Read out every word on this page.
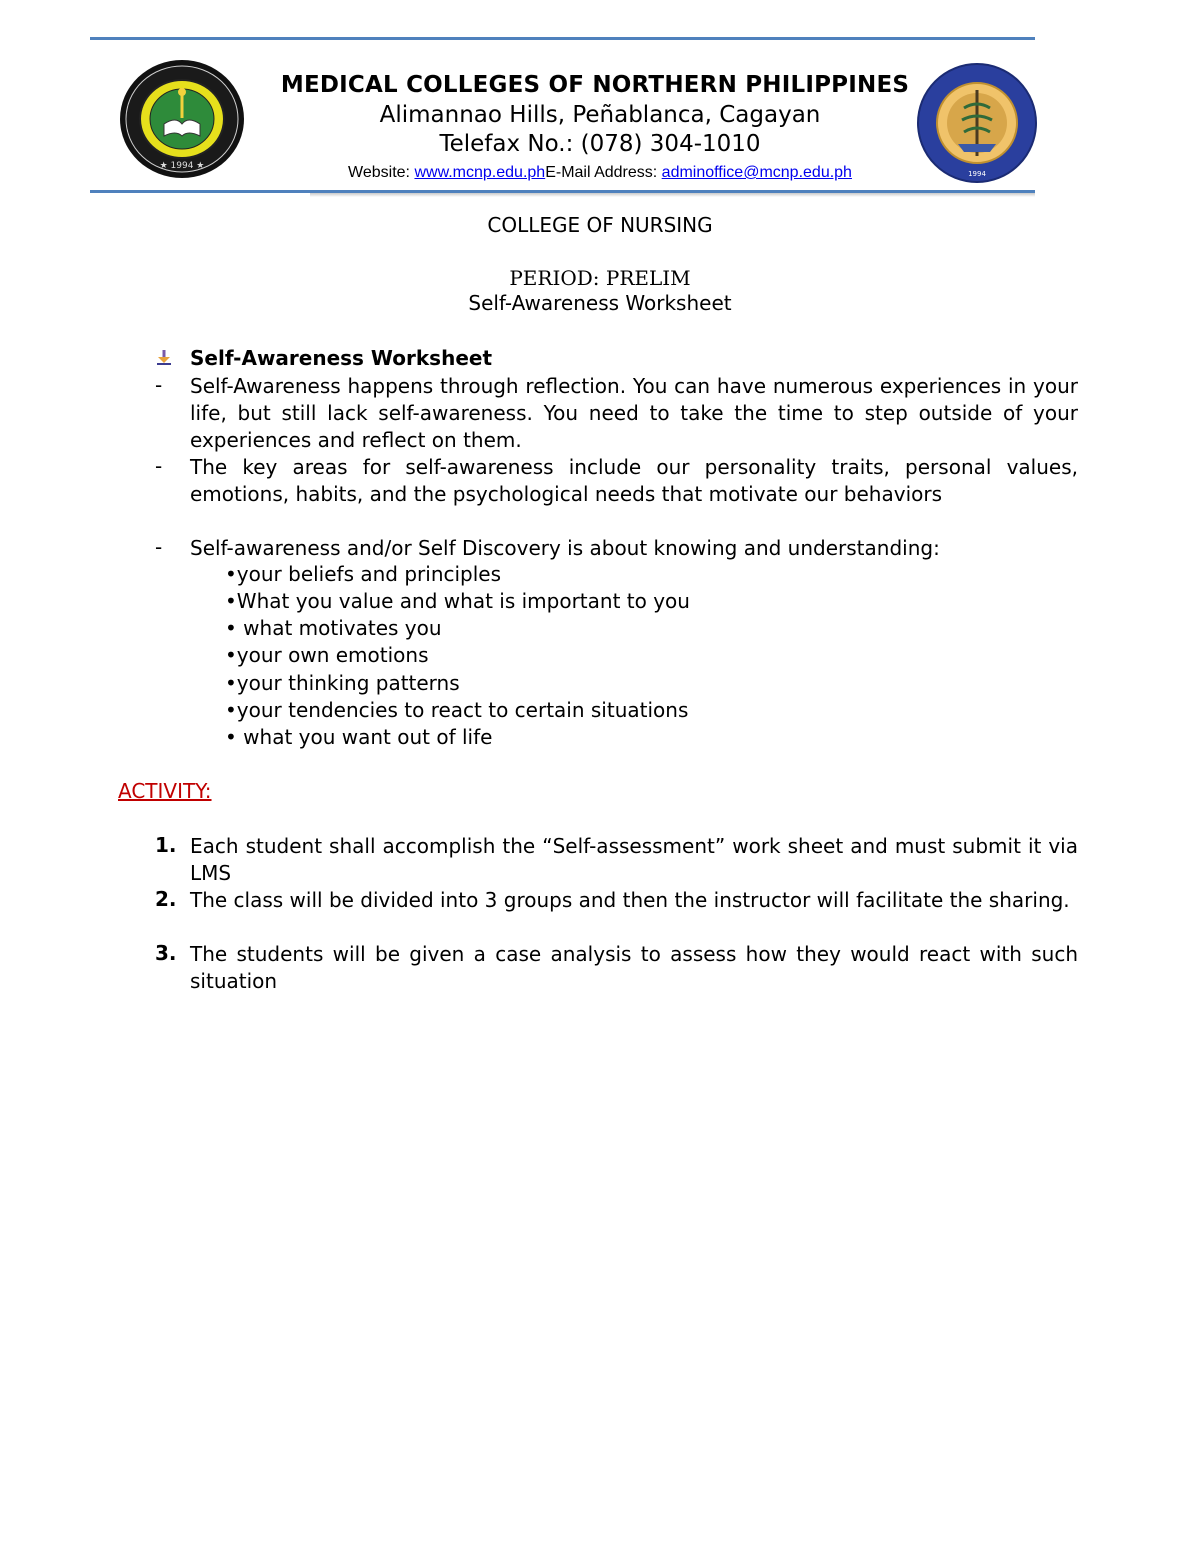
★ 1994 ★
1994
MEDICAL COLLEGES OF NORTHERN PHILIPPINES
Alimannao Hills, Peñablanca, Cagayan
Telefax No.: (078) 304-1010
Website: www.mcnp.edu.phE-Mail Address: adminoffice@mcnp.edu.ph
COLLEGE OF NURSING
PERIOD: PRELIM
Self-Awareness Worksheet
Self-Awareness Worksheet
- Self-Awareness happens through reflection. You can have numerous experiences in your life, but still lack self-awareness. You need to take the time to step outside of your experiences and reflect on them.
- The key areas for self-awareness include our personality traits, personal values, emotions, habits, and the psychological needs that motivate our behaviors
- Self-awareness and/or Self Discovery is about knowing and understanding:
•your beliefs and principles
•What you value and what is important to you
• what motivates you
•your own emotions
•your thinking patterns
•your tendencies to react to certain situations
• what you want out of life
ACTIVITY:
1. Each student shall accomplish the “Self-assessment” work sheet and must submit it via LMS
2. The class will be divided into 3 groups and then the instructor will facilitate the sharing.
3. The students will be given a case analysis to assess how they would react with such situation
